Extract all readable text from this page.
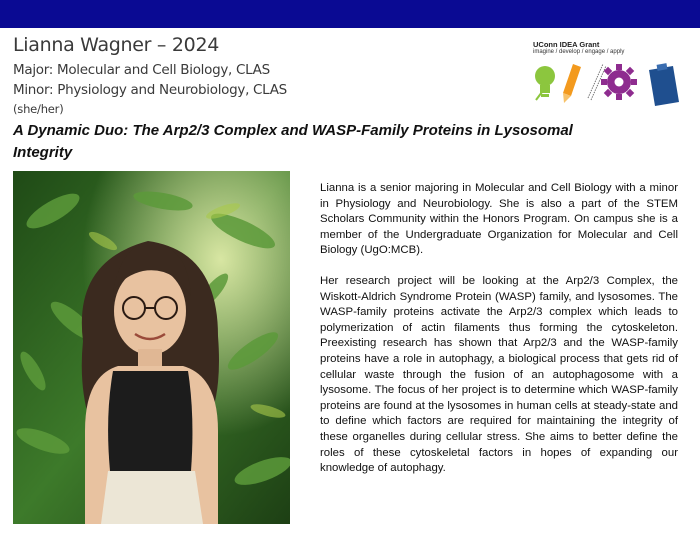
Lianna Wagner – 2024
Major: Molecular and Cell Biology, CLAS
Minor: Physiology and Neurobiology, CLAS
(she/her)
A Dynamic Duo: The Arp2/3 Complex and WASP-Family Proteins in Lysosomal Integrity
UConn IDEA Grant
imagine / develop / engage / apply

Lianna is a senior majoring in Molecular and Cell Biology with a minor in Physiology and Neurobiology. She is also a part of the STEM Scholars Community within the Honors Program. On campus she is a member of the Undergraduate Organization for Molecular and Cell Biology (UgO:MCB).

Her research project will be looking at the Arp2/3 Complex, the Wiskott-Aldrich Syndrome Protein (WASP) family, and lysosomes. The WASP-family proteins activate the Arp2/3 complex which leads to polymerization of actin filaments thus forming the cytoskeleton. Preexisting research has shown that Arp2/3 and the WASP-family proteins have a role in autophagy, a biological process that gets rid of cellular waste through the fusion of an autophagosome with a lysosome. The focus of her project is to determine which WASP-family proteins are found at the lysosomes in human cells at steady-state and to define which factors are required for maintaining the integrity of these organelles during cellular stress. She aims to better define the roles of these cytoskeletal factors in hopes of expanding our knowledge of autophagy.
